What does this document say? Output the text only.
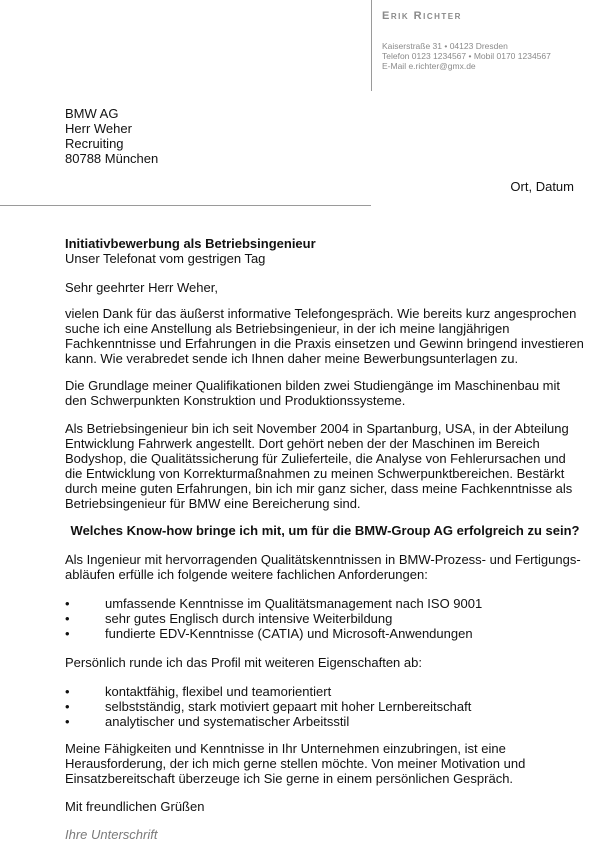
Erik Richter
Kaiserstraße 31 • 04123 Dresden
Telefon 0123 1234567 • Mobil 0170 1234567
E-Mail e.richter@gmx.de
BMW AG
Herr Weher
Recruiting
80788 München
Ort, Datum
Initiativbewerbung als Betriebsingenieur
Unser Telefonat vom gestrigen Tag
Sehr geehrter Herr Weher,
vielen Dank für das äußerst informative Telefongespräch. Wie bereits kurz angesprochen suche ich eine Anstellung als Betriebsingenieur, in der ich meine langjährigen Fachkenntnisse und Erfahrungen in die Praxis einsetzen und Gewinn bringend investieren kann. Wie verabredet sende ich Ihnen daher meine Bewerbungsunterlagen zu.
Die Grundlage meiner Qualifikationen bilden zwei Studiengänge im Maschinenbau mit den Schwerpunkten Konstruktion und Produktionssysteme.
Als Betriebsingenieur bin ich seit November 2004 in Spartanburg, USA, in der Abteilung Entwicklung Fahrwerk angestellt. Dort gehört neben der der Maschinen im Bereich Bodyshop, die Qualitätssicherung für Zulieferteile, die Analyse von Fehlerursachen und die Entwicklung von Korrekturmaßnahmen zu meinen Schwerpunktbereichen. Bestärkt durch meine guten Erfahrungen, bin ich mir ganz sicher, dass meine Fachkenntnisse als Betriebsingenieur für BMW eine Bereicherung sind.
Welches Know-how bringe ich mit, um für die BMW-Group AG erfolgreich zu sein?
Als Ingenieur mit hervorragenden Qualitätskenntnissen in BMW-Prozess- und Fertigungs-abläufen erfülle ich folgende weitere fachlichen Anforderungen:
•	umfassende Kenntnisse im Qualitätsmanagement nach ISO 9001
•	sehr gutes Englisch durch intensive Weiterbildung
•	fundierte EDV-Kenntnisse (CATIA) und Microsoft-Anwendungen
Persönlich runde ich das Profil mit weiteren Eigenschaften ab:
•	kontaktfähig, flexibel und teamorientiert
•	selbstständig, stark motiviert gepaart mit hoher Lernbereitschaft
•	analytischer und systematischer Arbeitsstil
Meine Fähigkeiten und Kenntnisse in Ihr Unternehmen einzubringen, ist eine Herausforderung, der ich mich gerne stellen möchte. Von meiner Motivation und Einsatzbereitschaft überzeuge ich Sie gerne in einem persönlichen Gespräch.
Mit freundlichen Grüßen
Ihre Unterschrift
